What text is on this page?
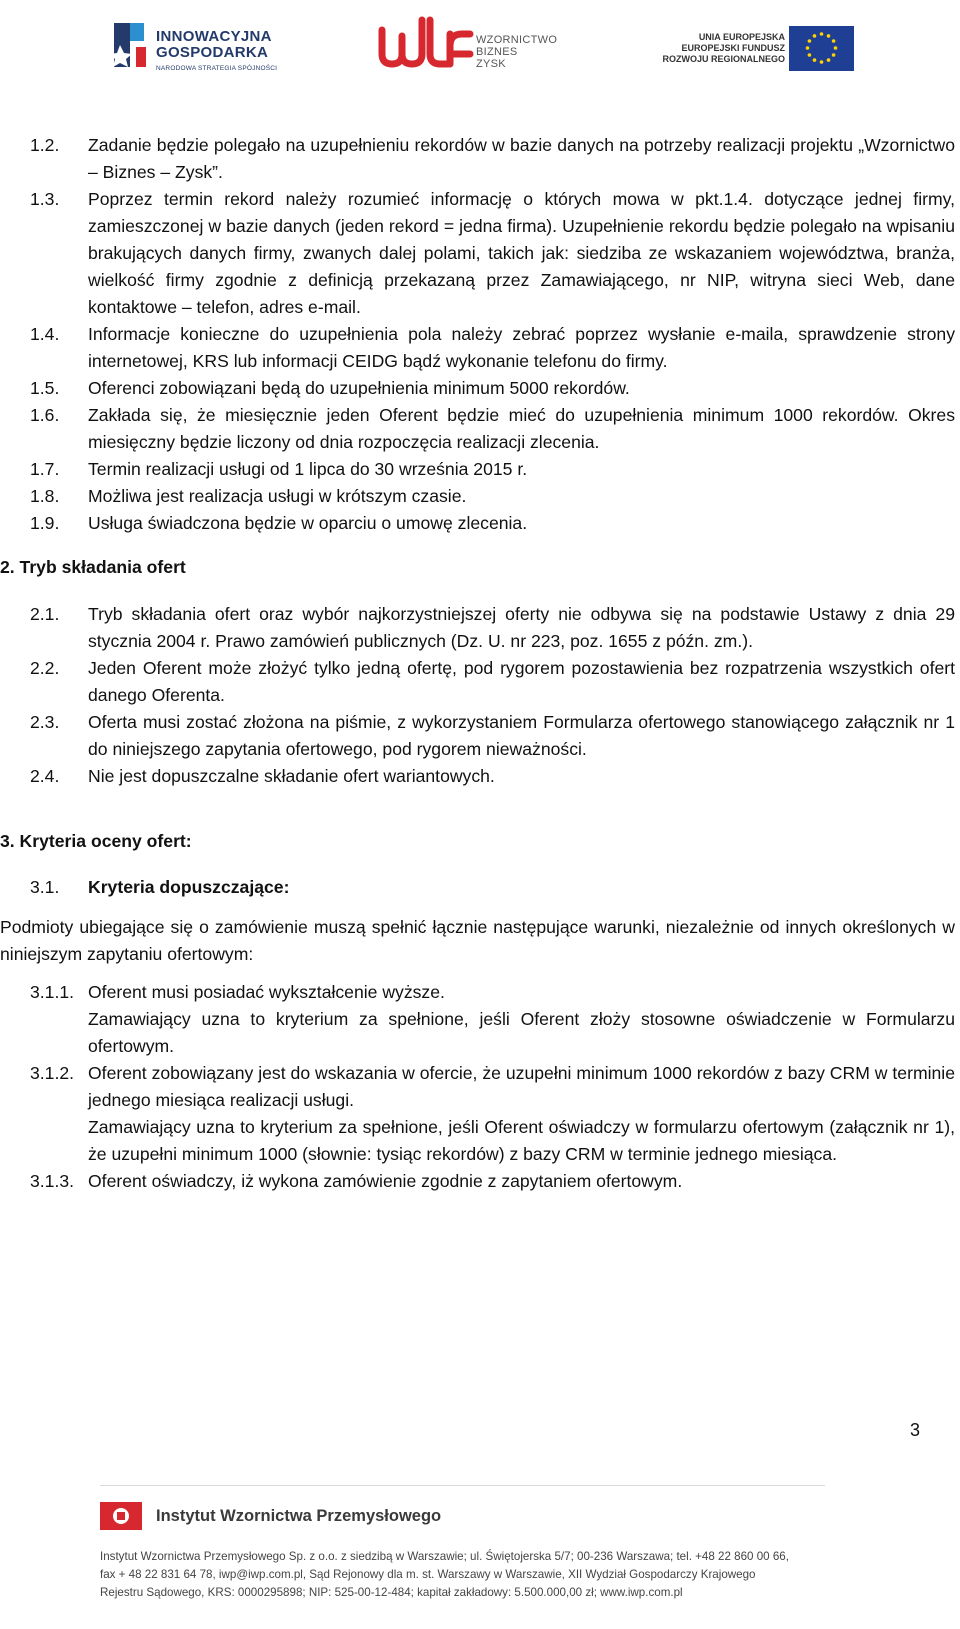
INNOWACYJNA
GOSPODARKA
NARODOWA STRATEGIA SPÓJNOŚCI
WZORNICTWO
BIZNES
ZYSK
UNIA EUROPEJSKA
EUROPEJSKI FUNDUSZ
ROZWOJU REGIONALNEGO
1.2.	Zadanie będzie polegało na uzupełnieniu rekordów w bazie danych na potrzeby realizacji projektu „Wzornictwo – Biznes – Zysk”.
1.3.	Poprzez termin rekord należy rozumieć informację o których mowa w pkt.1.4. dotyczące jednej firmy, zamieszczonej w bazie danych (jeden rekord = jedna firma). Uzupełnienie rekordu będzie polegało na wpisaniu brakujących danych firmy, zwanych dalej polami, takich jak: siedziba ze wskazaniem województwa, branża, wielkość firmy zgodnie z definicją przekazaną przez Zamawiającego, nr NIP, witryna sieci Web, dane kontaktowe – telefon, adres e-mail.
1.4.	Informacje konieczne do uzupełnienia pola należy zebrać poprzez wysłanie e-maila, sprawdzenie strony internetowej, KRS lub informacji CEIDG bądź wykonanie telefonu do firmy.
1.5.	Oferenci zobowiązani będą do uzupełnienia minimum 5000 rekordów.
1.6.	Zakłada się, że miesięcznie jeden Oferent będzie mieć do uzupełnienia minimum 1000 rekordów. Okres miesięczny będzie liczony od dnia rozpoczęcia realizacji zlecenia.
1.7.	Termin realizacji usługi od 1 lipca do 30 września 2015 r.
1.8.	Możliwa jest realizacja usługi w krótszym czasie.
1.9.	Usługa świadczona będzie w oparciu o umowę zlecenia.
2. Tryb składania ofert
2.1.	Tryb składania ofert oraz wybór najkorzystniejszej oferty nie odbywa się na podstawie Ustawy z dnia 29 stycznia 2004 r. Prawo zamówień publicznych (Dz. U. nr 223, poz. 1655 z późn. zm.).
2.2.	Jeden Oferent może złożyć tylko jedną ofertę, pod rygorem pozostawienia bez rozpatrzenia wszystkich ofert danego Oferenta.
2.3.	Oferta musi zostać złożona na piśmie, z wykorzystaniem Formularza ofertowego stanowiącego załącznik nr 1 do niniejszego zapytania ofertowego, pod rygorem nieważności.
2.4.	Nie jest dopuszczalne składanie ofert wariantowych.
3. Kryteria oceny ofert:
3.1.	Kryteria dopuszczające:
Podmioty ubiegające się o zamówienie muszą spełnić łącznie następujące warunki, niezależnie od innych określonych w niniejszym zapytaniu ofertowym:
3.1.1. Oferent musi posiadać wykształcenie wyższe.
Zamawiający uzna to kryterium za spełnione, jeśli Oferent złoży stosowne oświadczenie w Formularzu ofertowym.
3.1.2. Oferent zobowiązany jest do wskazania w ofercie, że uzupełni minimum 1000 rekordów z bazy CRM w terminie jednego miesiąca realizacji usługi.
Zamawiający uzna to kryterium za spełnione, jeśli Oferent oświadczy w formularzu ofertowym (załącznik nr 1), że uzupełni minimum 1000 (słownie: tysiąc rekordów) z bazy CRM w terminie jednego miesiąca.
3.1.3. Oferent oświadczy, iż wykona zamówienie zgodnie z zapytaniem ofertowym.
3
Instytut Wzornictwa Przemysłowego
Instytut Wzornictwa Przemysłowego Sp. z o.o. z siedzibą w Warszawie; ul. Świętojerska 5/7; 00-236 Warszawa; tel. +48 22 860 00 66,
fax + 48 22 831 64 78, iwp@iwp.com.pl, Sąd Rejonowy dla m. st. Warszawy w Warszawie, XII Wydział Gospodarczy Krajowego
Rejestru Sądowego, KRS: 0000295898; NIP: 525-00-12-484; kapitał zakładowy: 5.500.000,00 zł; www.iwp.com.pl
